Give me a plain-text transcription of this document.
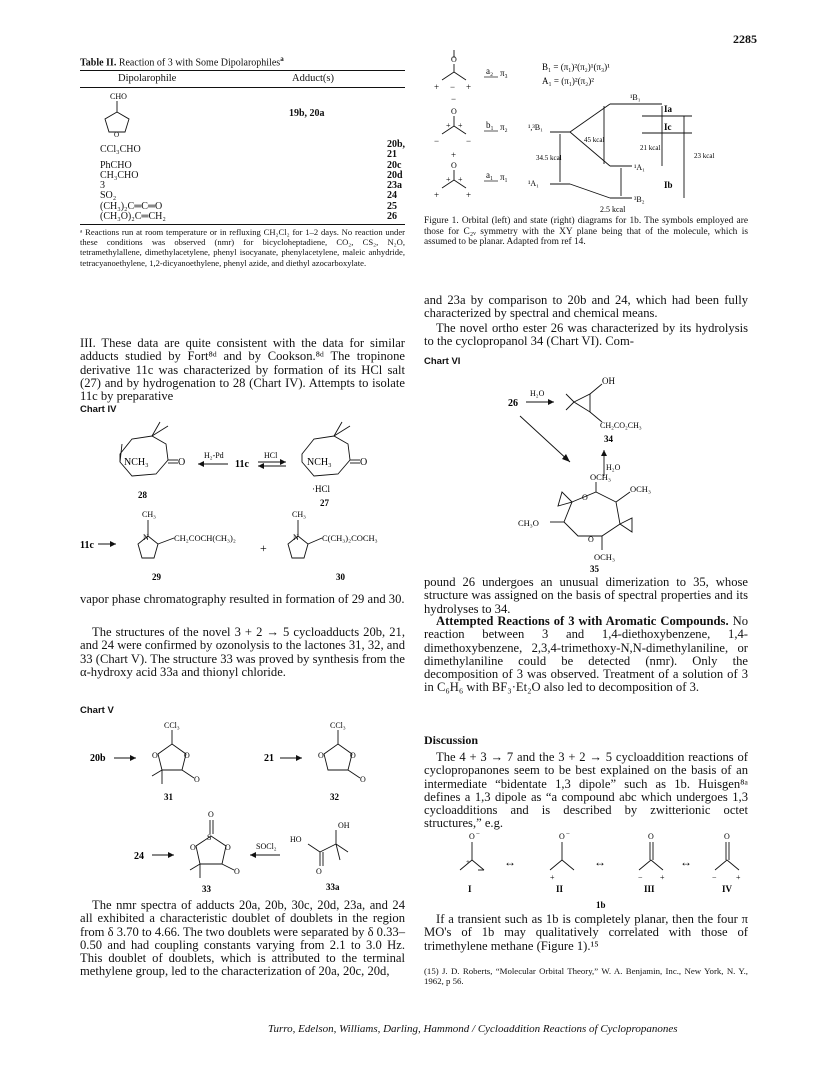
2285
Table II. Reaction of 3 with Some Dipolarophiles$^a$
Dipolarophile	Adduct(s)
CHO
O
19b, 20a
CCl₃CHO	20b, 21
PhCHO	20c
CH₃CHO	20d
3	23a
SO₂	24
(CH₃)₂C═C═O	25
(CH₃O)₂C═CH₂	26
ᵃ Reactions run at room temperature or in refluxing CH₂Cl₂ for 1–2 days. No reaction under these conditions was observed (nmr) for bicycloheptadiene, CO₂, CS₂, N₂O, tetramethylallene, dimethylacetylene, phenyl isocyanate, phenylacetylene, maleic anhydride, tetracyanoethylene, 1,2-dicyanoethylene, phenyl azide, and diethyl azocarboxylate.

III. These data are quite consistent with the data for similar adducts studied by Fort⁸ᵈ and by Cookson.⁸ᵈ The tropinone derivative 11c was characterized by formation of its HCl salt (27) and by hydrogenation to 28 (Chart IV). Attempts to isolate 11c by preparative

Chart IV
NCH₃	O
28
H₂-Pd
11c
HCl
NCH₃	O
·HCl
27
11c
CH₃
N	CH₂COCH(CH₃)₂
29
+
CH₃
N	C(CH₃)₂COCH₃
30

vapor phase chromatography resulted in formation of 29 and 30.

The structures of the novel 3 + 2 → 5 cycloadducts 20b, 21, and 24 were confirmed by ozonolysis to the lactones 31, 32, and 33 (Chart V). The structure 33 was proved by synthesis from the α-hydroxy acid 33a and thionyl chloride.

Chart V
20b
CCl₃
O	O
O
31
21
CCl₃
O	O
O
32
24
O
S
O	O
O
33
SOCl₂
OH
HO
O
33a

The nmr spectra of adducts 20a, 20b, 30c, 20d, 23a, and 24 all exhibited a characteristic doublet of doublets in the region from δ 3.70 to 4.66. The two doublets were separated by δ 0.33–0.50 and had coupling constants varying from 2.1 to 3.0 Hz. This doublet of doublets, which is attributed to the terminal methylene group, led to the characterization of 20a, 20c, 20d,

O
+ − +
a₂ π₃
B₁ = (π₁)²(π₂)¹(π₃)¹
A₁ = (π₁)²(π₂)²
−
O
+ +
−	−
b₁ π₂
+
O
+ +
+	+
a₁ π₁
¹B₁
¹,³B₁
¹A₁
¹A₁
³B₂
34.5 kcal
45 kcal
21 kcal
23 kcal
2.5 kcal
Ia
Ic
Ib
Figure 1. Orbital (left) and state (right) diagrams for 1b. The symbols employed are those for C₂ᵥ symmetry with the XY plane being that of the molecule, which is assumed to be planar. Adapted from ref 14.

and 23a by comparison to 20b and 24, which had been fully characterized by spectral and chemical means.

The novel ortho ester 26 was characterized by its hydrolysis to the cyclopropanol 34 (Chart VI). Com-

Chart VI
26
H₂O
OH
CH₂CO₂CH₃
34
H₂O
OCH₃
OCH₃
O
O
CH₃O
OCH₃
35

pound 26 undergoes an unusual dimerization to 35, whose structure was assigned on the basis of spectral properties and its hydrolyses to 34.

Attempted Reactions of 3 with Aromatic Compounds. No reaction between 3 and 1,4-diethoxybenzene, 1,4-dimethoxybenzene, 2,3,4-trimethoxy-N,N-dimethylaniline, or dimethylaniline could be detected (nmr). Only the decomposition of 3 was observed. Treatment of a solution of 3 in C₆H₆ with BF₃·Et₂O also led to decomposition of 3.

Discussion

The 4 + 3 → 7 and the 3 + 2 → 5 cycloaddition reactions of cyclopropanones seem to be best explained on the basis of an intermediate “bidentate 1,3 dipole” such as 1b. Huisgen⁸ᵃ defines a 1,3 dipole as “a compound abc which undergoes 1,3 cycloadditions and is described by zwitterionic octet structures,” e.g.

O	O	O	O
−	−
+
+	− +	− +
↔	↔	↔
I	II	III	IV
1b

If a transient such as 1b is completely planar, then the four π MO's of 1b may qualitatively correlated with those of trimethylene methane (Figure 1).¹⁵

(15) J. D. Roberts, “Molecular Orbital Theory,” W. A. Benjamin, Inc., New York, N. Y., 1962, p 56.
Turro, Edelson, Williams, Darling, Hammond / Cycloaddition Reactions of Cyclopropanones
